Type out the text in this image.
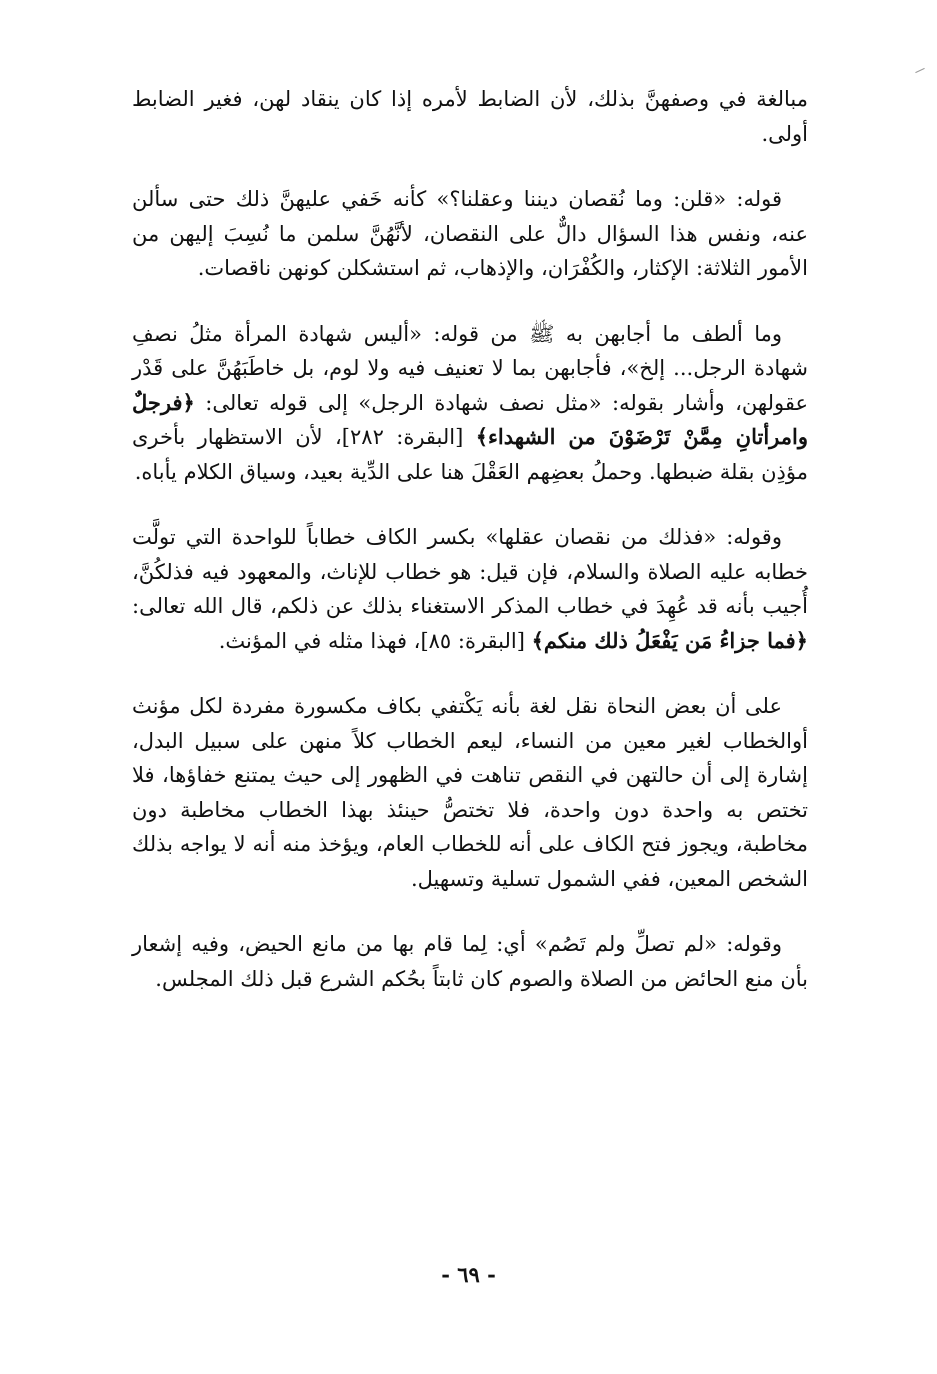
مبالغة في وصفهنَّ بذلك، لأن الضابط لأمره إذا كان ينقاد لهن، فغير الضابط أولى.

قوله: «قلن: وما نُقصان ديننا وعقلنا؟» كأنه خَفي عليهنَّ ذلك حتى سألن عنه، ونفس هذا السؤال دالٌّ على النقصان، لأنَّهُنَّ سلمن ما نُسِبَ إليهن من الأمور الثلاثة: الإكثار، والكُفْرَان، والإذهاب، ثم استشكلن كونهن ناقصات.

وما ألطف ما أجابهن به ﷺ من قوله: «أليس شهادة المرأة مثلُ نصفِ شهادة الرجل... إلخ»، فأجابهن بما لا تعنيف فيه ولا لوم، بل خاطَبَهُنَّ على قَدْر عقولهن، وأشار بقوله: «مثل نصف شهادة الرجل» إلى قوله تعالى: ﴿فرجلٌ وامرأتانِ مِمَّنْ تَرْضَوْنَ من الشهداء﴾ [البقرة: ٢٨٢]، لأن الاستظهار بأخرى مؤذِن بقلة ضبطها. وحملُ بعضِهم العَقْلَ هنا على الدِّية بعيد، وسياق الكلام يأباه.

وقوله: «فذلك من نقصان عقلها» بكسر الكاف خطاباً للواحدة التي تولَّت خطابه عليه الصلاة والسلام، فإن قيل: هو خطاب للإناث، والمعهود فيه فذلكُنَّ، أُجيب بأنه قد عُهِدَ في خطاب المذكر الاستغناء بذلك عن ذلكم، قال الله تعالى: ﴿فما جزاءُ مَن يَفْعَلُ ذلك منكم﴾ [البقرة: ٨٥]، فهذا مثله في المؤنث.

على أن بعض النحاة نقل لغة بأنه يَكْتفي بكاف مكسورة مفردة لكل مؤنث أوالخطاب لغير معين من النساء، ليعم الخطاب كلاً منهن على سبيل البدل، إشارة إلى أن حالتهن في النقص تناهت في الظهور إلى حيث يمتنع خفاؤها، فلا تختص به واحدة دون واحدة، فلا تختصُّ حينئذ بهذا الخطاب مخاطبة دون مخاطبة، ويجوز فتح الكاف على أنه للخطاب العام، ويؤخذ منه أنه لا يواجه بذلك الشخص المعين، ففي الشمول تسلية وتسهيل.

وقوله: «لم تصلِّ ولم تَصُم» أي: لِما قام بها من مانع الحيض، وفيه إشعار بأن منع الحائض من الصلاة والصوم كان ثابتاً بحُكم الشرع قبل ذلك المجلس.

- ٦٩ -
